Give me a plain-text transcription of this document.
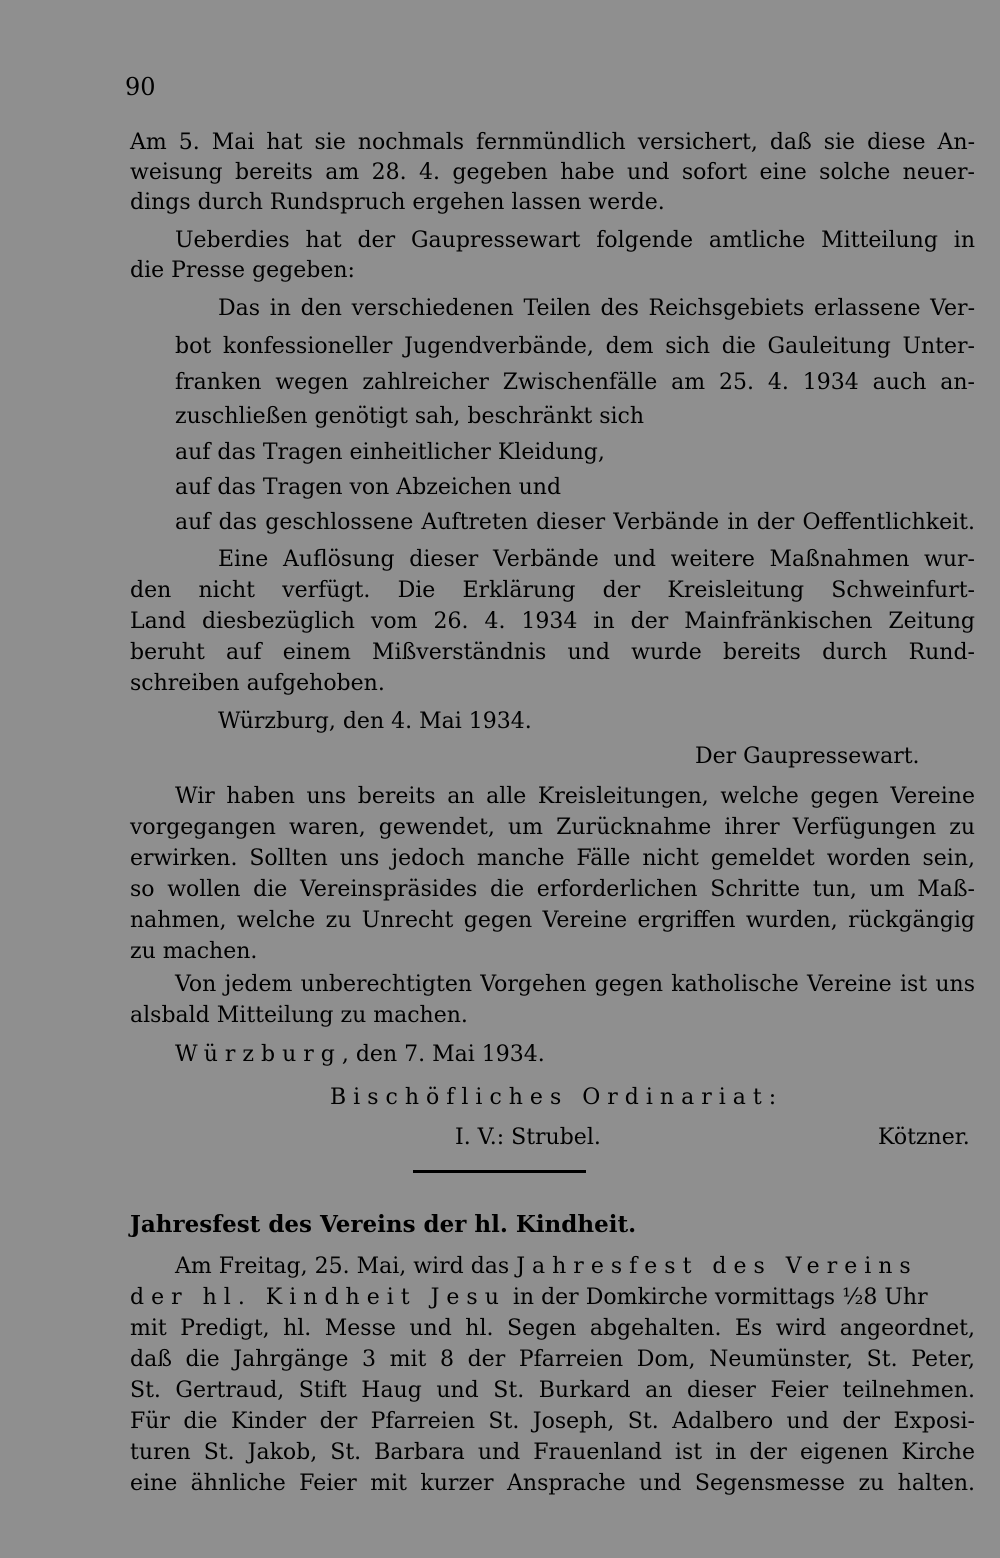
90
Am 5. Mai hat sie nochmals fernmündlich versichert, daß sie diese An-
weisung bereits am 28. 4. gegeben habe und sofort eine solche neuer-
dings durch Rundspruch ergehen lassen werde.
Ueberdies hat der Gaupressewart folgende amtliche Mitteilung in
die Presse gegeben:
Das in den verschiedenen Teilen des Reichsgebiets erlassene Ver-
bot konfessioneller Jugendverbände, dem sich die Gauleitung Unter-
franken wegen zahlreicher Zwischenfälle am 25. 4. 1934 auch an-
zuschließen genötigt sah, beschränkt sich
auf das Tragen einheitlicher Kleidung,
auf das Tragen von Abzeichen und
auf das geschlossene Auftreten dieser Verbände in der Oeffentlichkeit.
Eine Auflösung dieser Verbände und weitere Maßnahmen wur-
den nicht verfügt. Die Erklärung der Kreisleitung Schweinfurt-
Land diesbezüglich vom 26. 4. 1934 in der Mainfränkischen Zeitung
beruht auf einem Mißverständnis und wurde bereits durch Rund-
schreiben aufgehoben.
Würzburg, den 4. Mai 1934.
Der Gaupressewart.
Wir haben uns bereits an alle Kreisleitungen, welche gegen Vereine
vorgegangen waren, gewendet, um Zurücknahme ihrer Verfügungen zu
erwirken. Sollten uns jedoch manche Fälle nicht gemeldet worden sein,
so wollen die Vereinspräsides die erforderlichen Schritte tun, um Maß-
nahmen, welche zu Unrecht gegen Vereine ergriffen wurden, rückgängig
zu machen.
Von jedem unberechtigten Vorgehen gegen katholische Vereine ist uns
alsbald Mitteilung zu machen.
Würzburg, den 7. Mai 1934.
Bischöfliches Ordinariat:
I. V.: Strubel.	Kötzner.
Jahresfest des Vereins der hl. Kindheit.
Am Freitag, 25. Mai, wird das Jahresfest des Vereins
der hl. Kindheit Jesu in der Domkirche vormittags ½8 Uhr
mit Predigt, hl. Messe und hl. Segen abgehalten. Es wird angeordnet,
daß die Jahrgänge 3 mit 8 der Pfarreien Dom, Neumünster, St. Peter,
St. Gertraud, Stift Haug und St. Burkard an dieser Feier teilnehmen.
Für die Kinder der Pfarreien St. Joseph, St. Adalbero und der Exposi-
turen St. Jakob, St. Barbara und Frauenland ist in der eigenen Kirche
eine ähnliche Feier mit kurzer Ansprache und Segensmesse zu halten.
